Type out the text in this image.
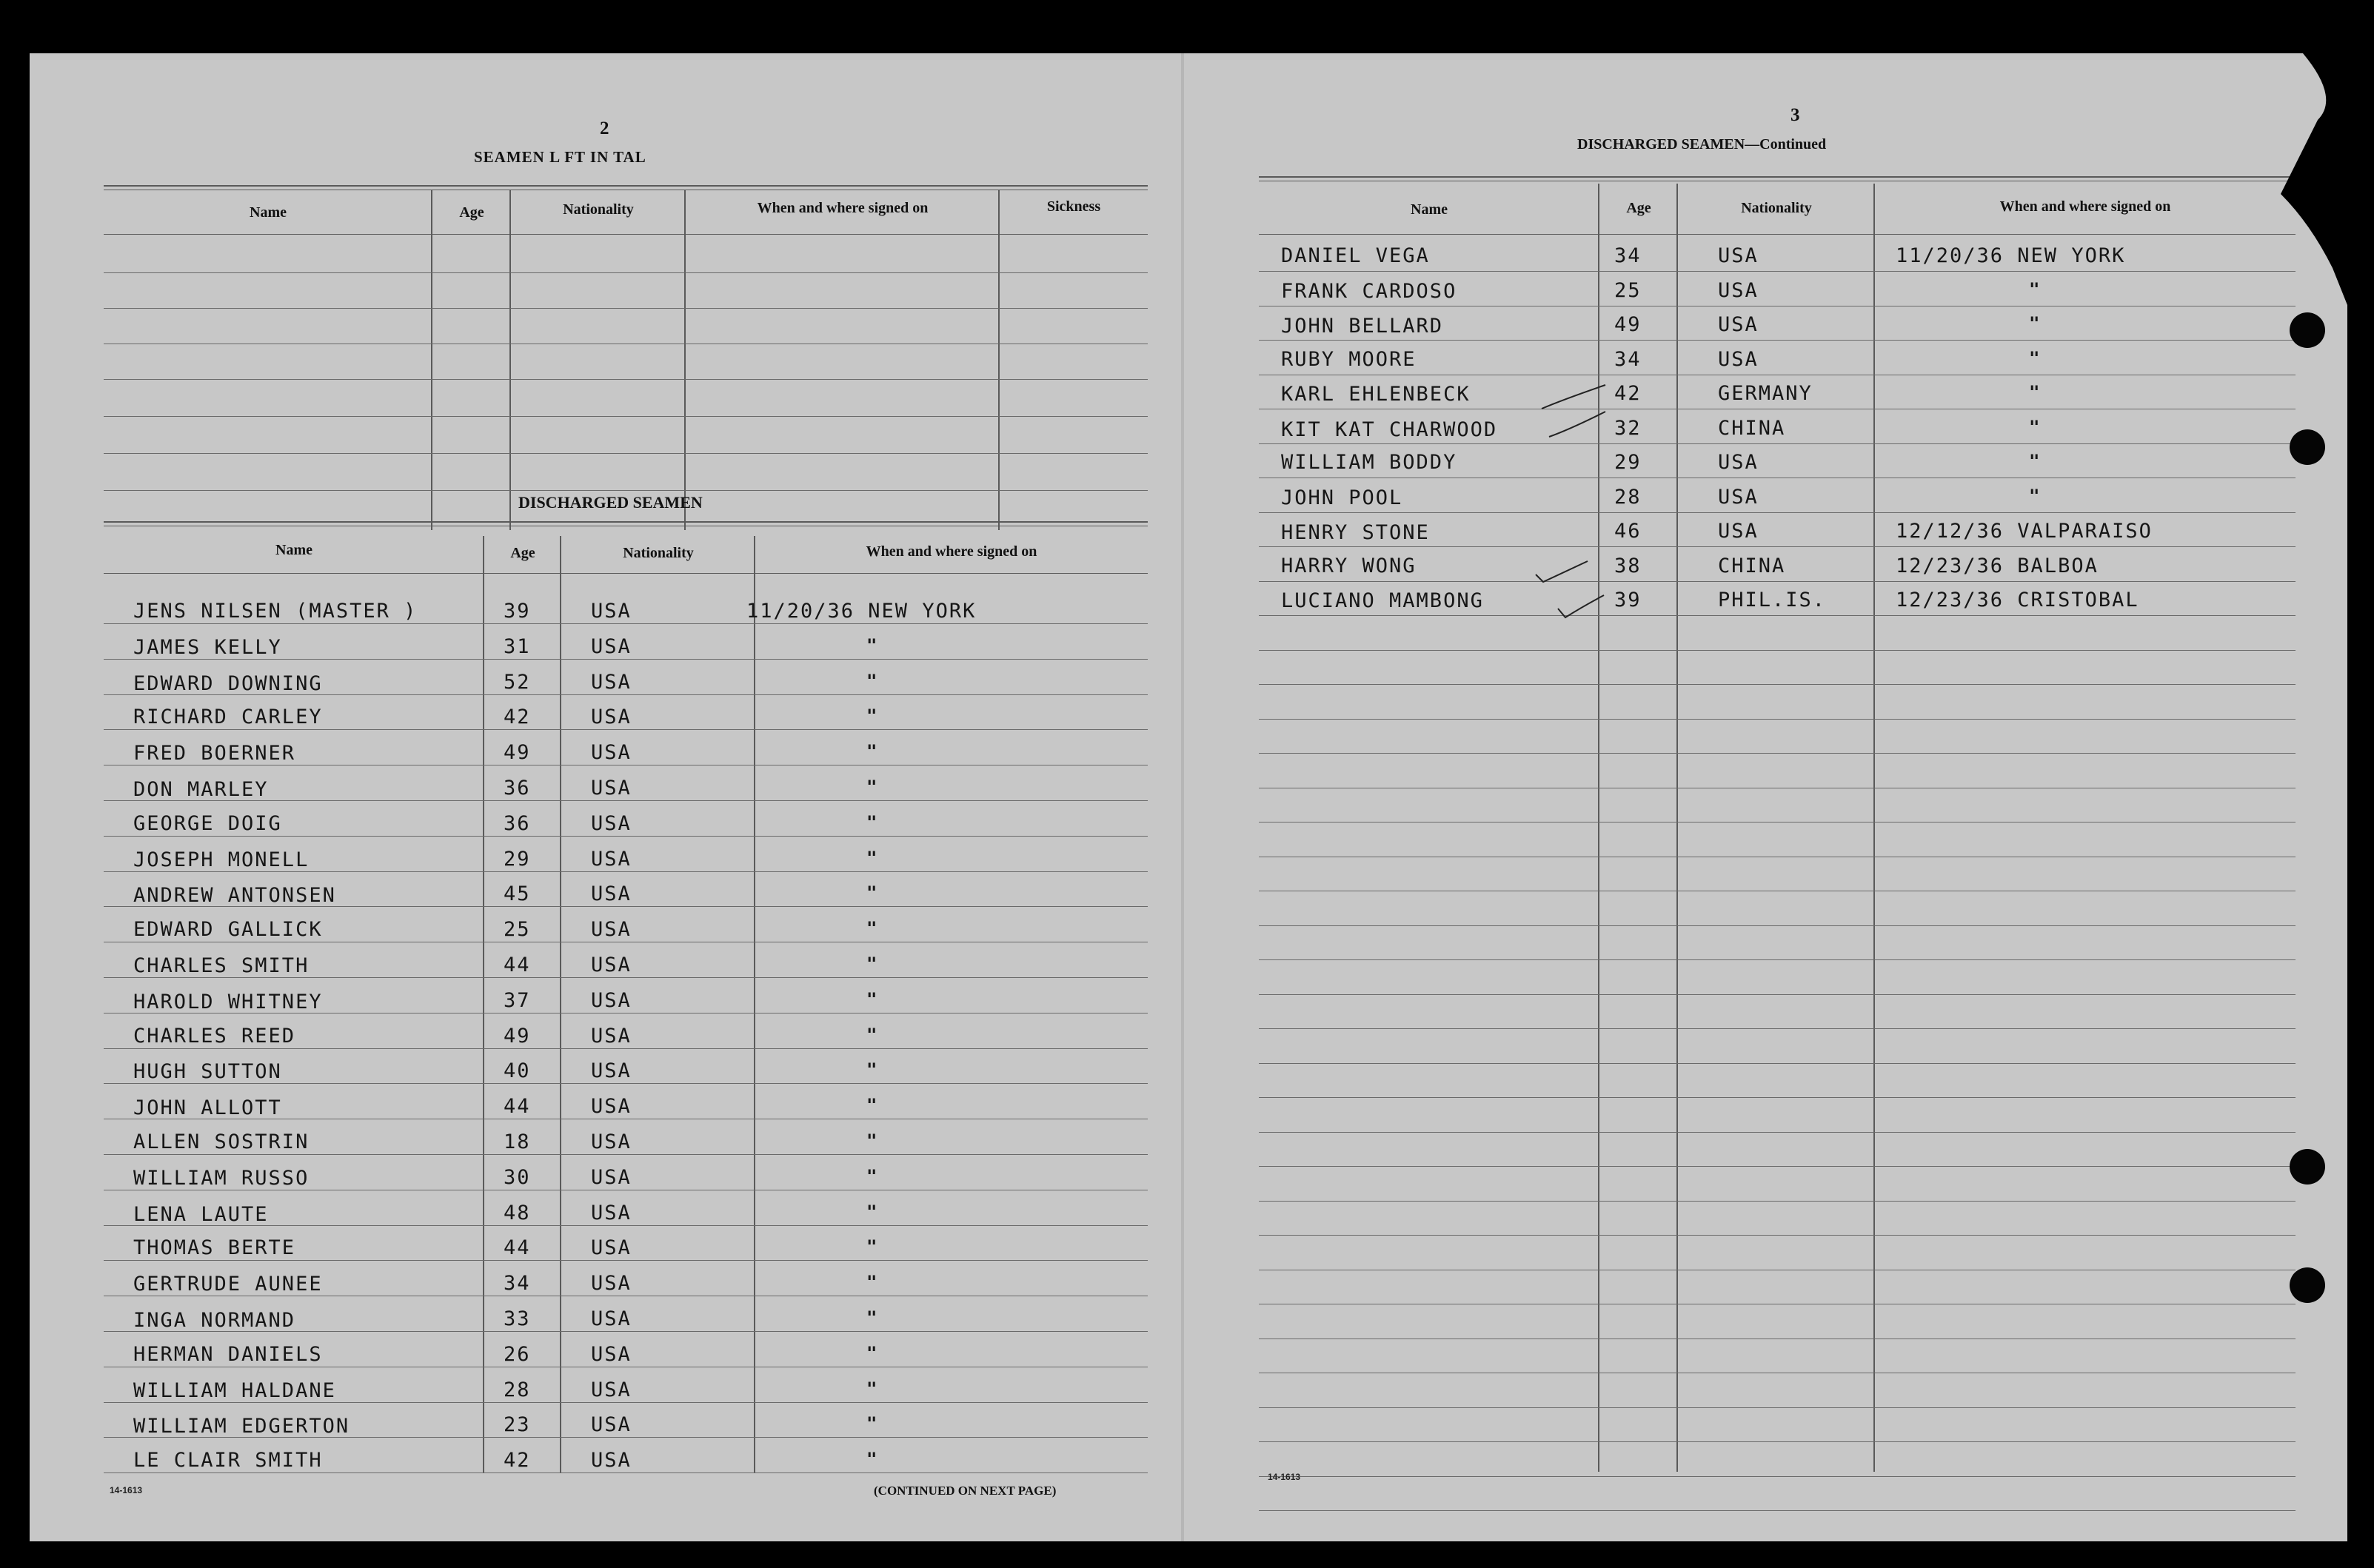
2
SEAMEN L FT IN TAL
Name	Age	Nationality	When and where signed on	Sickness
DISCHARGED SEAMEN
Name	Age	Nationality	When and where signed on
JENS NILSEN (MASTER )	39	USA	11/20/36 NEW YORK
JAMES KELLY	31	USA	"
EDWARD DOWNING	52	USA	"
RICHARD CARLEY	42	USA	"
FRED BOERNER	49	USA	"
DON MARLEY	36	USA	"
GEORGE DOIG	36	USA	"
JOSEPH MONELL	29	USA	"
ANDREW ANTONSEN	45	USA	"
EDWARD GALLICK	25	USA	"
CHARLES SMITH	44	USA	"
HAROLD WHITNEY	37	USA	"
CHARLES REED	49	USA	"
HUGH SUTTON	40	USA	"
JOHN ALLOTT	44	USA	"
ALLEN SOSTRIN	18	USA	"
WILLIAM RUSSO	30	USA	"
LENA LAUTE	48	USA	"
THOMAS BERTE	44	USA	"
GERTRUDE AUNEE	34	USA	"
INGA NORMAND	33	USA	"
HERMAN DANIELS	26	USA	"
WILLIAM HALDANE	28	USA	"
WILLIAM EDGERTON	23	USA	"
LE CLAIR SMITH	42	USA	"
14-1613	(CONTINUED ON NEXT PAGE)
3
DISCHARGED SEAMEN—Continued
Name	Age	Nationality	When and where signed on
DANIEL VEGA	34	USA	11/20/36 NEW YORK
FRANK CARDOSO	25	USA	"
JOHN BELLARD	49	USA	"
RUBY MOORE	34	USA	"
KARL EHLENBECK	42	GERMANY	"
KIT KAT CHARWOOD	32	CHINA	"
WILLIAM BODDY	29	USA	"
JOHN POOL	28	USA	"
HENRY STONE	46	USA	12/12/36 VALPARAISO
HARRY WONG	38	CHINA	12/23/36 BALBOA
LUCIANO MAMBONG	39	PHIL.IS.	12/23/36 CRISTOBAL
14-1613
